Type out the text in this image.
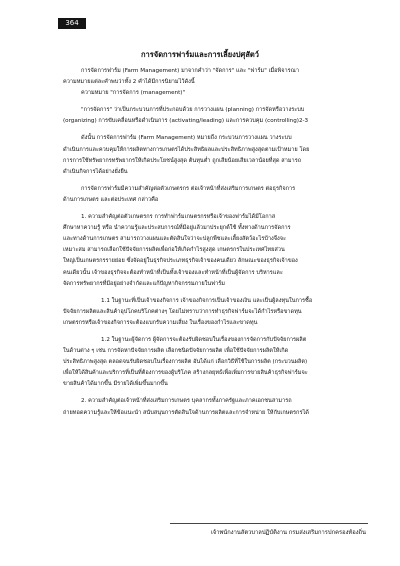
364
การจัดการฟาร์มและการเลี้ยงปศุสัตว์
การจัดการฟาร์ม (Farm Management) มาจากคำว่า "จัดการ" และ "ฟาร์ม" เมื่อพิจารณา
ความหมายแต่ละคำพบว่าทั้ง 2 คำได้มีการนิยามไว้ดังนี้
ความหมาย "การจัดการ (management)"
"การจัดการ" ว่าเป็นกระบวนการที่ประกอบด้วย การวางแผน (planning) การจัดหรือวางระบบ
(organizing) การขับเคลื่อนหรือดำเนินการ (activating/leading) และการควบคุม (controlling)2-3
ดังนั้น การจัดการฟาร์ม (Farm Management) หมายถึง กระบวนการวางแผน วางระบบ
ดำเนินการและควบคุมให้การผลิตทางการเกษตรได้ประสิทธิผลและประสิทธิภาพสูงสุดตามเป้าหมาย โดย
การการใช้ทรัพยากรทรัพยากรให้เกิดประโยชน์สูงสุด ต้นทุนต่ำ ถูกเสียน้อยเสียเวลาน้อยที่สุด สามารถ
ดำเนินกิจการได้อย่างยั่งยืน
การจัดการฟาร์มมีความสำคัญต่อตัวเกษตรกร ต่อเจ้าหน้าที่ส่งเสริมการเกษตร ต่อธุรกิจการ
ด้านการเกษตร และต่อประเทศ กล่าวคือ
1. ความสำคัญต่อตัวเกษตรกร การทำฟาร์มเกษตรกรหรือเจ้าของฟาร์มได้มีโอกาส
ศึกษาหาความรู้ หรือ นำความรู้และประสบการณ์ที่มีอยู่แล้วมาประยุกต์ใช้ ทั้งทางด้านการจัดการ
และทางด้านการเกษตร สามารถวางแผนและตัดสินใจว่าจะปลูกพืชและเลี้ยงสัตว์อะไรบ้างจึงจะ
เหมาะสม สามารถเลือกใช้ปัจจัยการผลิตเพื่อก่อให้เกิดกำไรสูงสุด เกษตรกรในประเทศไทยส่วน
ใหญ่เป็นเกษตรกรรายย่อย ซึ่งจัดอยู่ในธุรกิจประเภทธุรกิจเจ้าของคนเดียว ลักษณะของธุรกิจเจ้าของ
คนเดียวนั้น เจ้าของธุรกิจจะต้องทำหน้าที่เป็นทั้งเจ้าของและทำหน้าที่เป็นผู้จัดการ บริหารและ
จัดการทรัพยากรที่มีอยู่อย่างจำกัดและแก้ปัญหากิจกรรมภายในฟาร์ม
1.1 ในฐานะที่เป็นเจ้าของกิจการ เจ้าของกิจการเป็นเจ้าของเงิน และเป็นผู้ลงทุนในการซื้อ
ปัจจัยการผลิตและสินค้าอุปโภคบริโภคต่างๆ โดยไม่ทราบว่าการทำธุรกิจฟาร์มจะได้กำไรหรือขาดทุน
เกษตรกรหรือเจ้าของกิจการจะต้องแบกรับความเสี่ยง ในเรื่องของกำไรและขาดทุน
1.2 ในฐานะผู้จัดการ ผู้จัดการจะต้องรับผิดชอบในเรื่องของการจัดการกับปัจจัยการผลิต
ในด้านต่าง ๆ เช่น การจัดหาปัจจัยการผลิต เลือกชนิดปัจจัยการผลิต เพื่อใช้ปัจจัยการผลิตให้เกิด
ประสิทธิภาพสูงสุด ตลอดจนรับผิดชอบในเรื่องการผลิต อันได้แก่ เลือกวิธีที่ใช้ในการผลิต (กระบวนผลิต)
เพื่อให้ได้สินค้าและบริการที่เป็นที่ต้องการของผู้บริโภค สร้างกลยุทธ์เพื่อเพิ่มการขายสินค้าธุรกิจฟาร์มจะ
ขายสินค้าได้มากขึ้น มีรายได้เพิ่มขึ้นมากขึ้น
2. ความสำคัญต่อเจ้าหน้าที่ส่งเสริมการเกษตร บุคลากรทั้งภาครัฐและภาคเอกชนสามารถ
ถ่ายทอดความรู้และให้ข้อแนะนำ สนับสนุนการตัดสินใจด้านการผลิตและการจำหน่าย ให้กับเกษตรกรได้
เจ้าพนักงานสัตวบาลปฏิบัติงาน กรมส่งเสริมการปกครองท้องถิ่น
